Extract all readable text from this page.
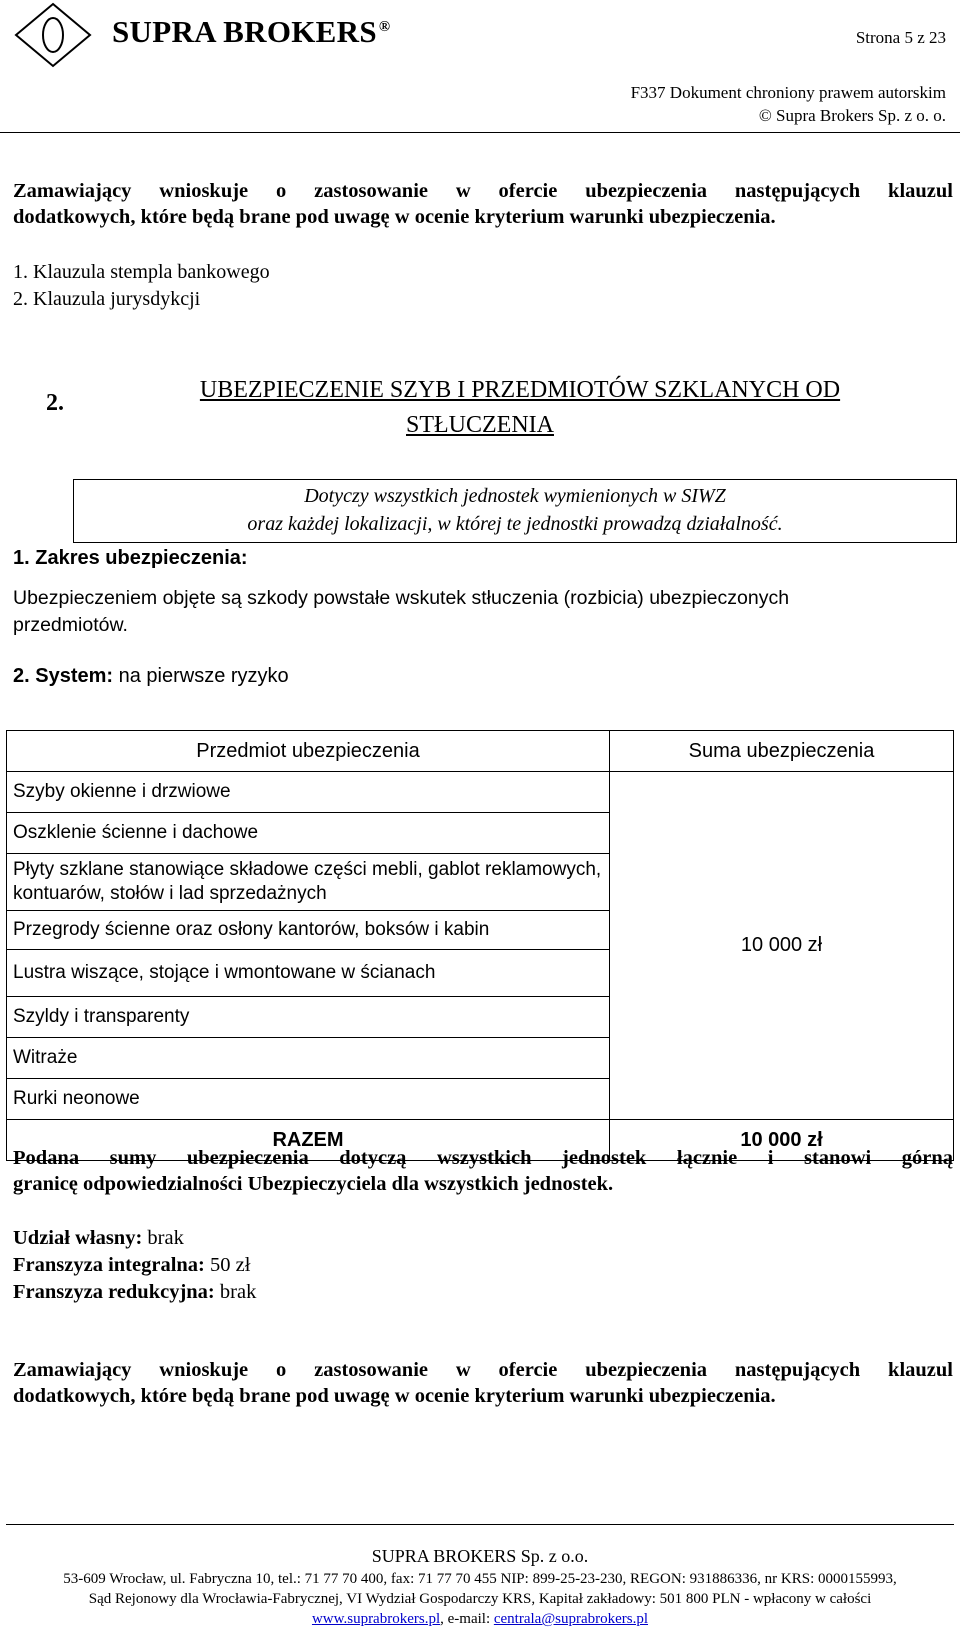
SUPRA BROKERS ®
Strona 5 z 23
F337 Dokument chroniony prawem autorskim
© Supra Brokers Sp. z o. o.
Zamawiający wnioskuje o zastosowanie w ofercie ubezpieczenia następujących klauzul
dodatkowych, które będą brane pod uwagę w ocenie kryterium warunki ubezpieczenia.
1. Klauzula stempla bankowego
2. Klauzula jurysdykcji
2.	UBEZPIECZENIE SZYB I PRZEDMIOTÓW SZKLANYCH OD
STŁUCZENIA
Dotyczy wszystkich jednostek wymienionych w SIWZ
oraz każdej lokalizacji, w której te jednostki prowadzą działalność.
1. Zakres ubezpieczenia:
Ubezpieczeniem objęte są szkody powstałe wskutek stłuczenia (rozbicia) ubezpieczonych
przedmiotów.
2. System: na pierwsze ryzyko
Przedmiot ubezpieczenia	Suma ubezpieczenia
Szyby okienne i drzwiowe	10 000 zł
Oszklenie ścienne i dachowe	
Płyty szklane stanowiące składowe części mebli, gablot reklamowych, kontuarów, stołów i lad sprzedażnych	
Przegrody ścienne oraz osłony kantorów, boksów i kabin	
Lustra wiszące, stojące i wmontowane w ścianach	
Szyldy i transparenty	
Witraże	
Rurki neonowe	
RAZEM	10 000 zł
Podana sumy ubezpieczenia dotyczą wszystkich jednostek łącznie i stanowi górną
granicę odpowiedzialności Ubezpieczyciela dla wszystkich jednostek.
Udział własny: brak
Franszyza integralna: 50 zł
Franszyza redukcyjna: brak
Zamawiający wnioskuje o zastosowanie w ofercie ubezpieczenia następujących klauzul
dodatkowych, które będą brane pod uwagę w ocenie kryterium warunki ubezpieczenia.
SUPRA BROKERS Sp. z o.o.
53-609 Wrocław, ul. Fabryczna 10, tel.: 71 77 70 400, fax: 71 77 70 455 NIP: 899-25-23-230, REGON: 931886336, nr KRS: 0000155993,
Sąd Rejonowy dla Wrocławia-Fabrycznej, VI Wydział Gospodarczy KRS, Kapitał zakładowy: 501 800 PLN - wpłacony w całości
www.suprabrokers.pl, e-mail: centrala@suprabrokers.pl
